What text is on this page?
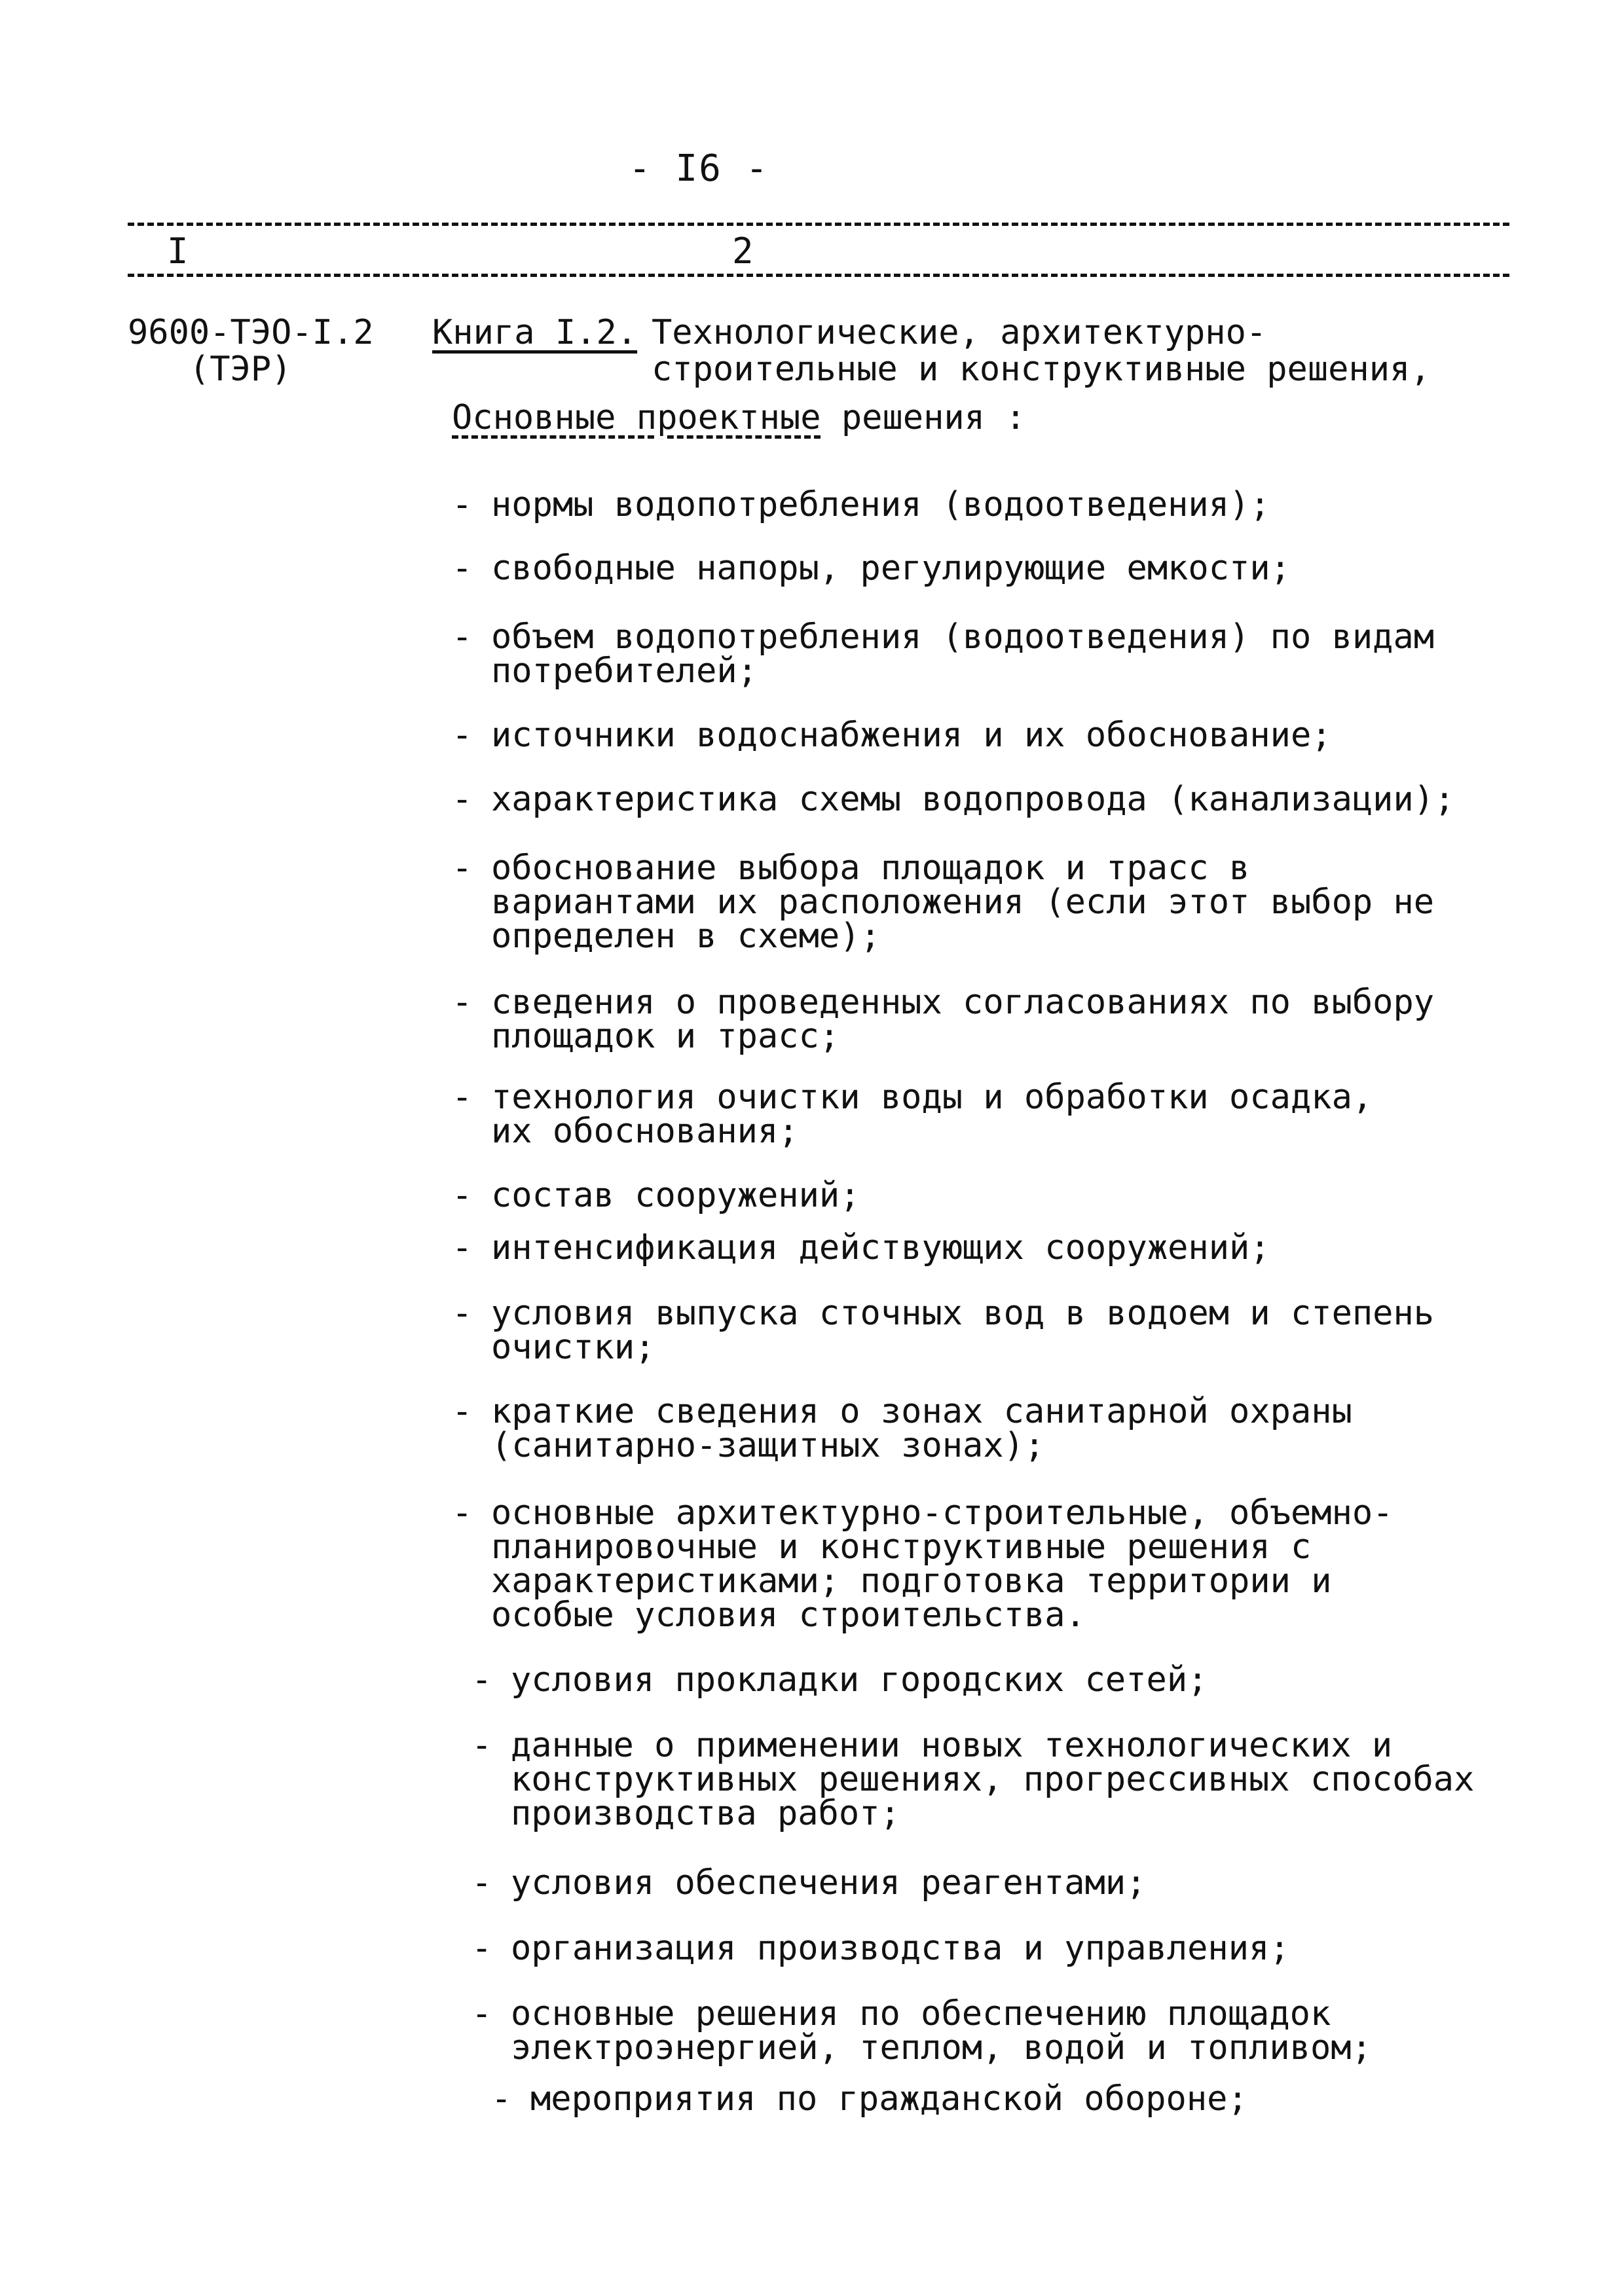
- I6 -
I	2
9600-ТЭО-I.2
(ТЭР)
Книга I.2. Технологические, архитектурно-строительные и конструктивные решения,
Основные проектные решения :
- нормы водопотребления (водоотведения);
- свободные напоры, регулирующие емкости;
- объем водопотребления (водоотведения) по видам потребителей;
- источники водоснабжения и их обоснование;
- характеристика схемы водопровода (канализации);
- обоснование выбора площадок и трасс в вариантами их расположения (если этот выбор не определен в схеме);
- сведения о проведенных согласованиях по выбору площадок и трасс;
- технология очистки воды и обработки осадка, их обоснования;
- состав сооружений;
- интенсификация действующих сооружений;
- условия выпуска сточных вод в водоем и степень очистки;
- краткие сведения о зонах санитарной охраны (санитарно-защитных зонах);
- основные архитектурно-строительные, объемно-планировочные и конструктивные решения с характеристиками; подготовка территории и особые условия строительства.
- условия прокладки городских сетей;
- данные о применении новых технологических и конструктивных решениях, прогрессивных способах производства работ;
- условия обеспечения реагентами;
- организация производства и управления;
- основные решения по обеспечению площадок электроэнергией, теплом, водой и топливом;
- мероприятия по гражданской обороне;
